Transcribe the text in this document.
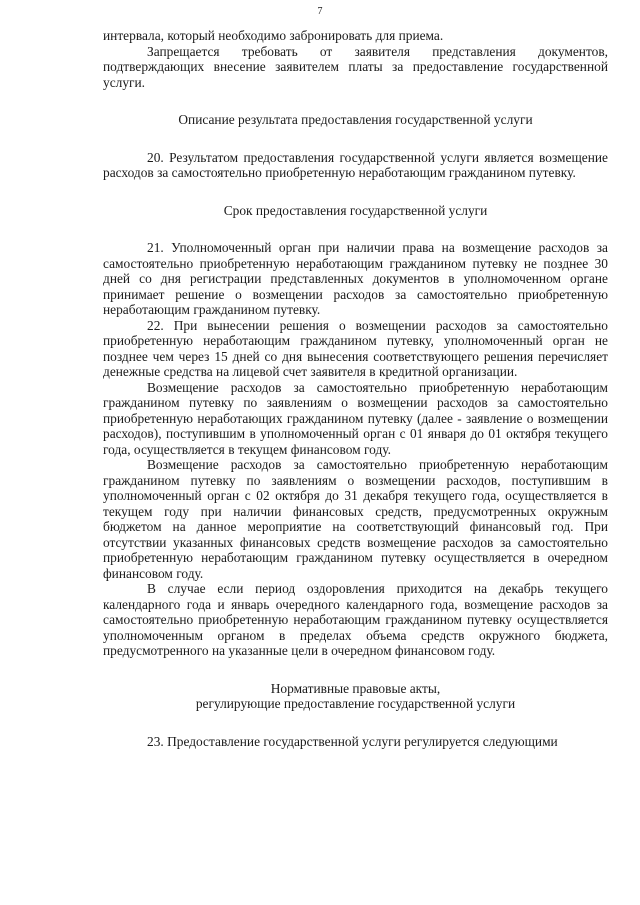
7

интервала, который необходимо забронировать для приема.

Запрещается требовать от заявителя представления документов, подтверждающих внесение заявителем платы за предоставление государственной услуги.

Описание результата предоставления государственной услуги

20. Результатом предоставления государственной услуги является возмещение расходов за самостоятельно приобретенную неработающим гражданином путевку.

Срок предоставления государственной услуги

21. Уполномоченный орган при наличии права на возмещение расходов за самостоятельно приобретенную неработающим гражданином путевку не позднее 30 дней со дня регистрации представленных документов в уполномоченном органе принимает решение о возмещении расходов за самостоятельно приобретенную неработающим гражданином путевку.

22. При вынесении решения о возмещении расходов за самостоятельно приобретенную неработающим гражданином путевку, уполномоченный орган не позднее чем через 15 дней со дня вынесения соответствующего решения перечисляет денежные средства на лицевой счет заявителя в кредитной организации.

Возмещение расходов за самостоятельно приобретенную неработающим гражданином путевку по заявлениям о возмещении расходов за самостоятельно приобретенную неработающих гражданином путевку (далее - заявление о возмещении расходов), поступившим в уполномоченный орган с 01 января до 01 октября текущего года, осуществляется в текущем финансовом году.

Возмещение расходов за самостоятельно приобретенную неработающим гражданином путевку по заявлениям о возмещении расходов, поступившим в уполномоченный орган с 02 октября до 31 декабря текущего года, осуществляется в текущем году при наличии финансовых средств, предусмотренных окружным бюджетом на данное мероприятие на соответствующий финансовый год. При отсутствии указанных финансовых средств возмещение расходов за самостоятельно приобретенную неработающим гражданином путевку осуществляется в очередном финансовом году.

В случае если период оздоровления приходится на декабрь текущего календарного года и январь очередного календарного года, возмещение расходов за самостоятельно приобретенную неработающим гражданином путевку осуществляется уполномоченным органом в пределах объема средств окружного бюджета, предусмотренного на указанные цели в очередном финансовом году.

Нормативные правовые акты,

регулирующие предоставление государственной услуги

23. Предоставление государственной услуги регулируется следующими
